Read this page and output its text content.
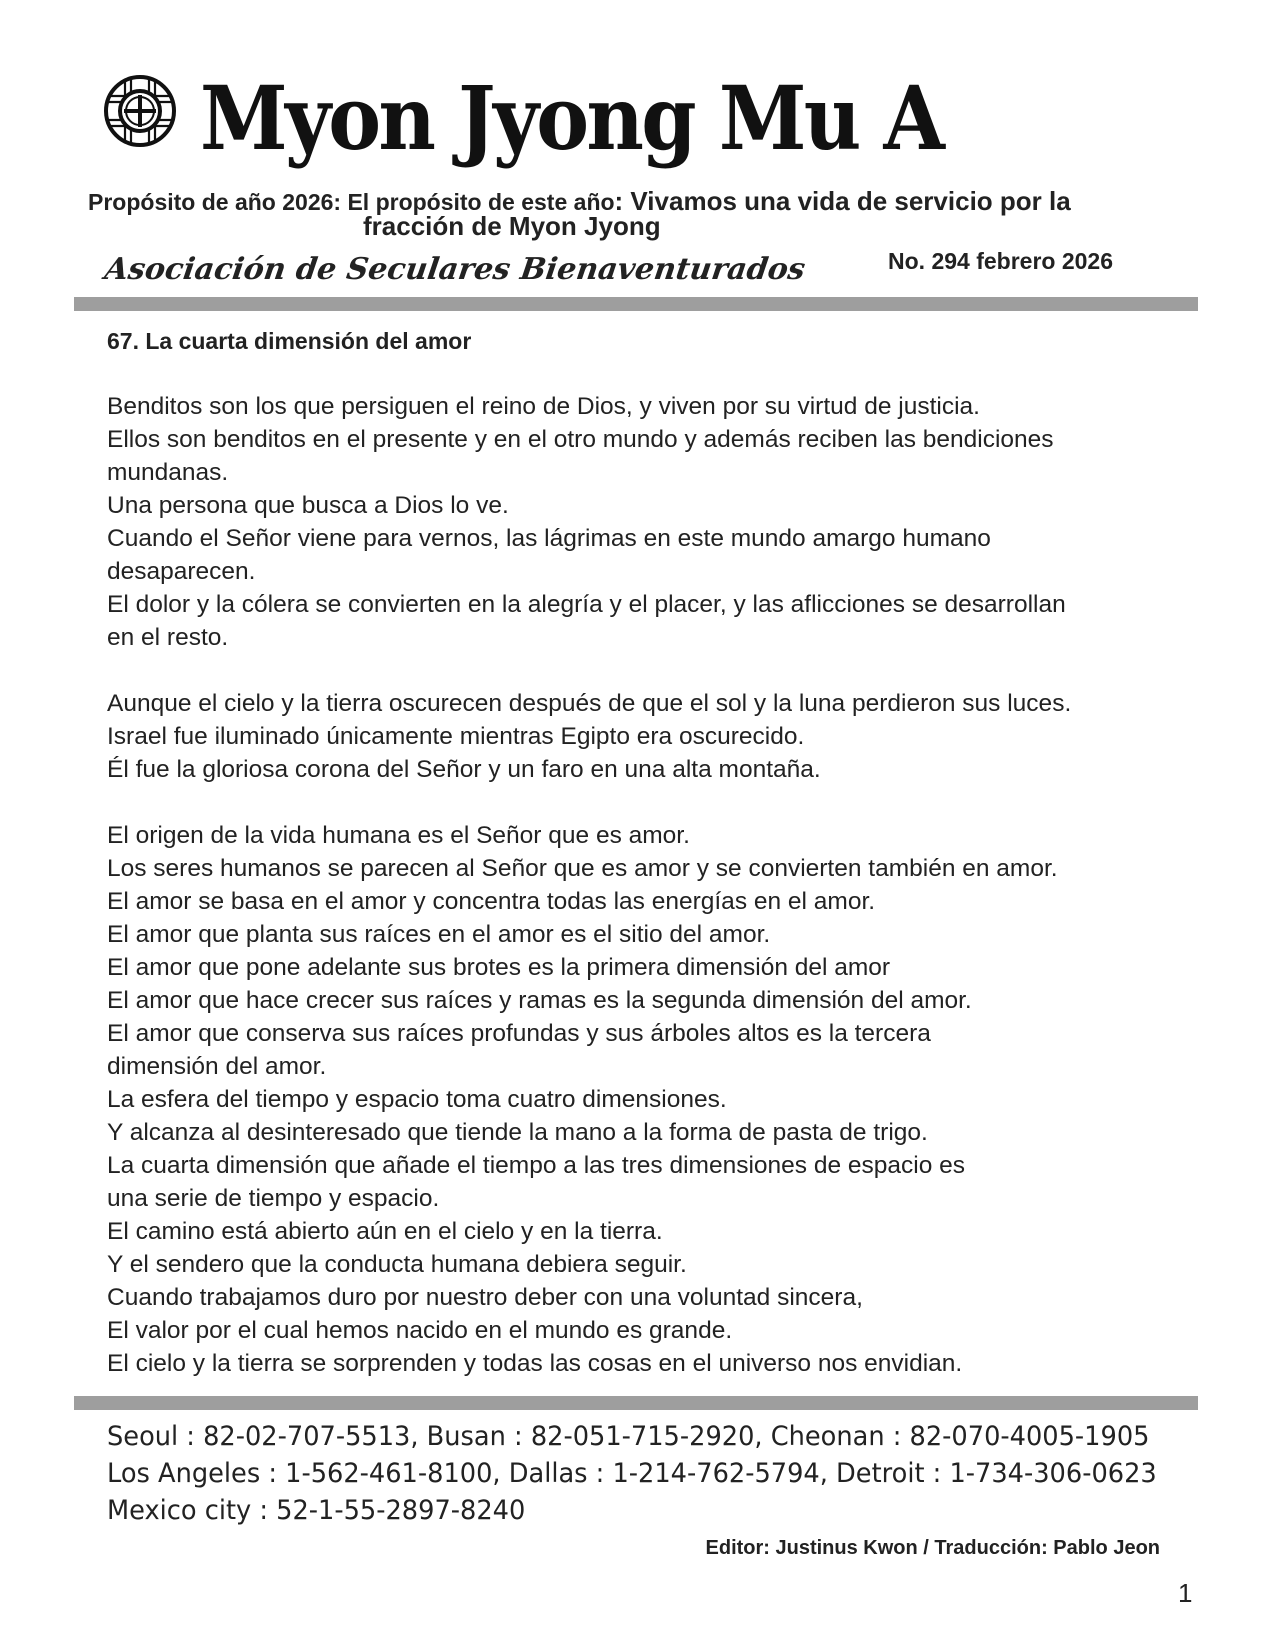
Myon Jyong Mu A
Propósito de año 2026: El propósito de este año: Vivamos una vida de servicio por la
fracción de Myon Jyong
Asociación de Seculares Bienaventurados	No. 294 febrero 2026
67. La cuarta dimensión del amor
Benditos son los que persiguen el reino de Dios, y viven por su virtud de justicia.
Ellos son benditos en el presente y en el otro mundo y además reciben las bendiciones
mundanas.
Una persona que busca a Dios lo ve.
Cuando el Señor viene para vernos, las lágrimas en este mundo amargo humano
desaparecen.
El dolor y la cólera se convierten en la alegría y el placer, y las aflicciones se desarrollan
en el resto.
Aunque el cielo y la tierra oscurecen después de que el sol y la luna perdieron sus luces.
Israel fue iluminado únicamente mientras Egipto era oscurecido.
Él fue la gloriosa corona del Señor y un faro en una alta montaña.
El origen de la vida humana es el Señor que es amor.
Los seres humanos se parecen al Señor que es amor y se convierten también en amor.
El amor se basa en el amor y concentra todas las energías en el amor.
El amor que planta sus raíces en el amor es el sitio del amor.
El amor que pone adelante sus brotes es la primera dimensión del amor
El amor que hace crecer sus raíces y ramas es la segunda dimensión del amor.
El amor que conserva sus raíces profundas y sus árboles altos es la tercera
dimensión del amor.
La esfera del tiempo y espacio toma cuatro dimensiones.
Y alcanza al desinteresado que tiende la mano a la forma de pasta de trigo.
La cuarta dimensión que añade el tiempo a las tres dimensiones de espacio es
una serie de tiempo y espacio.
El camino está abierto aún en el cielo y en la tierra.
Y el sendero que la conducta humana debiera seguir.
Cuando trabajamos duro por nuestro deber con una voluntad sincera,
El valor por el cual hemos nacido en el mundo es grande.
El cielo y la tierra se sorprenden y todas las cosas en el universo nos envidian.
Seoul : 82-02-707-5513, Busan : 82-051-715-2920, Cheonan : 82-070-4005-1905
Los Angeles : 1-562-461-8100, Dallas : 1-214-762-5794, Detroit : 1-734-306-0623
Mexico city : 52-1-55-2897-8240
Editor: Justinus Kwon / Traducción: Pablo Jeon
1
